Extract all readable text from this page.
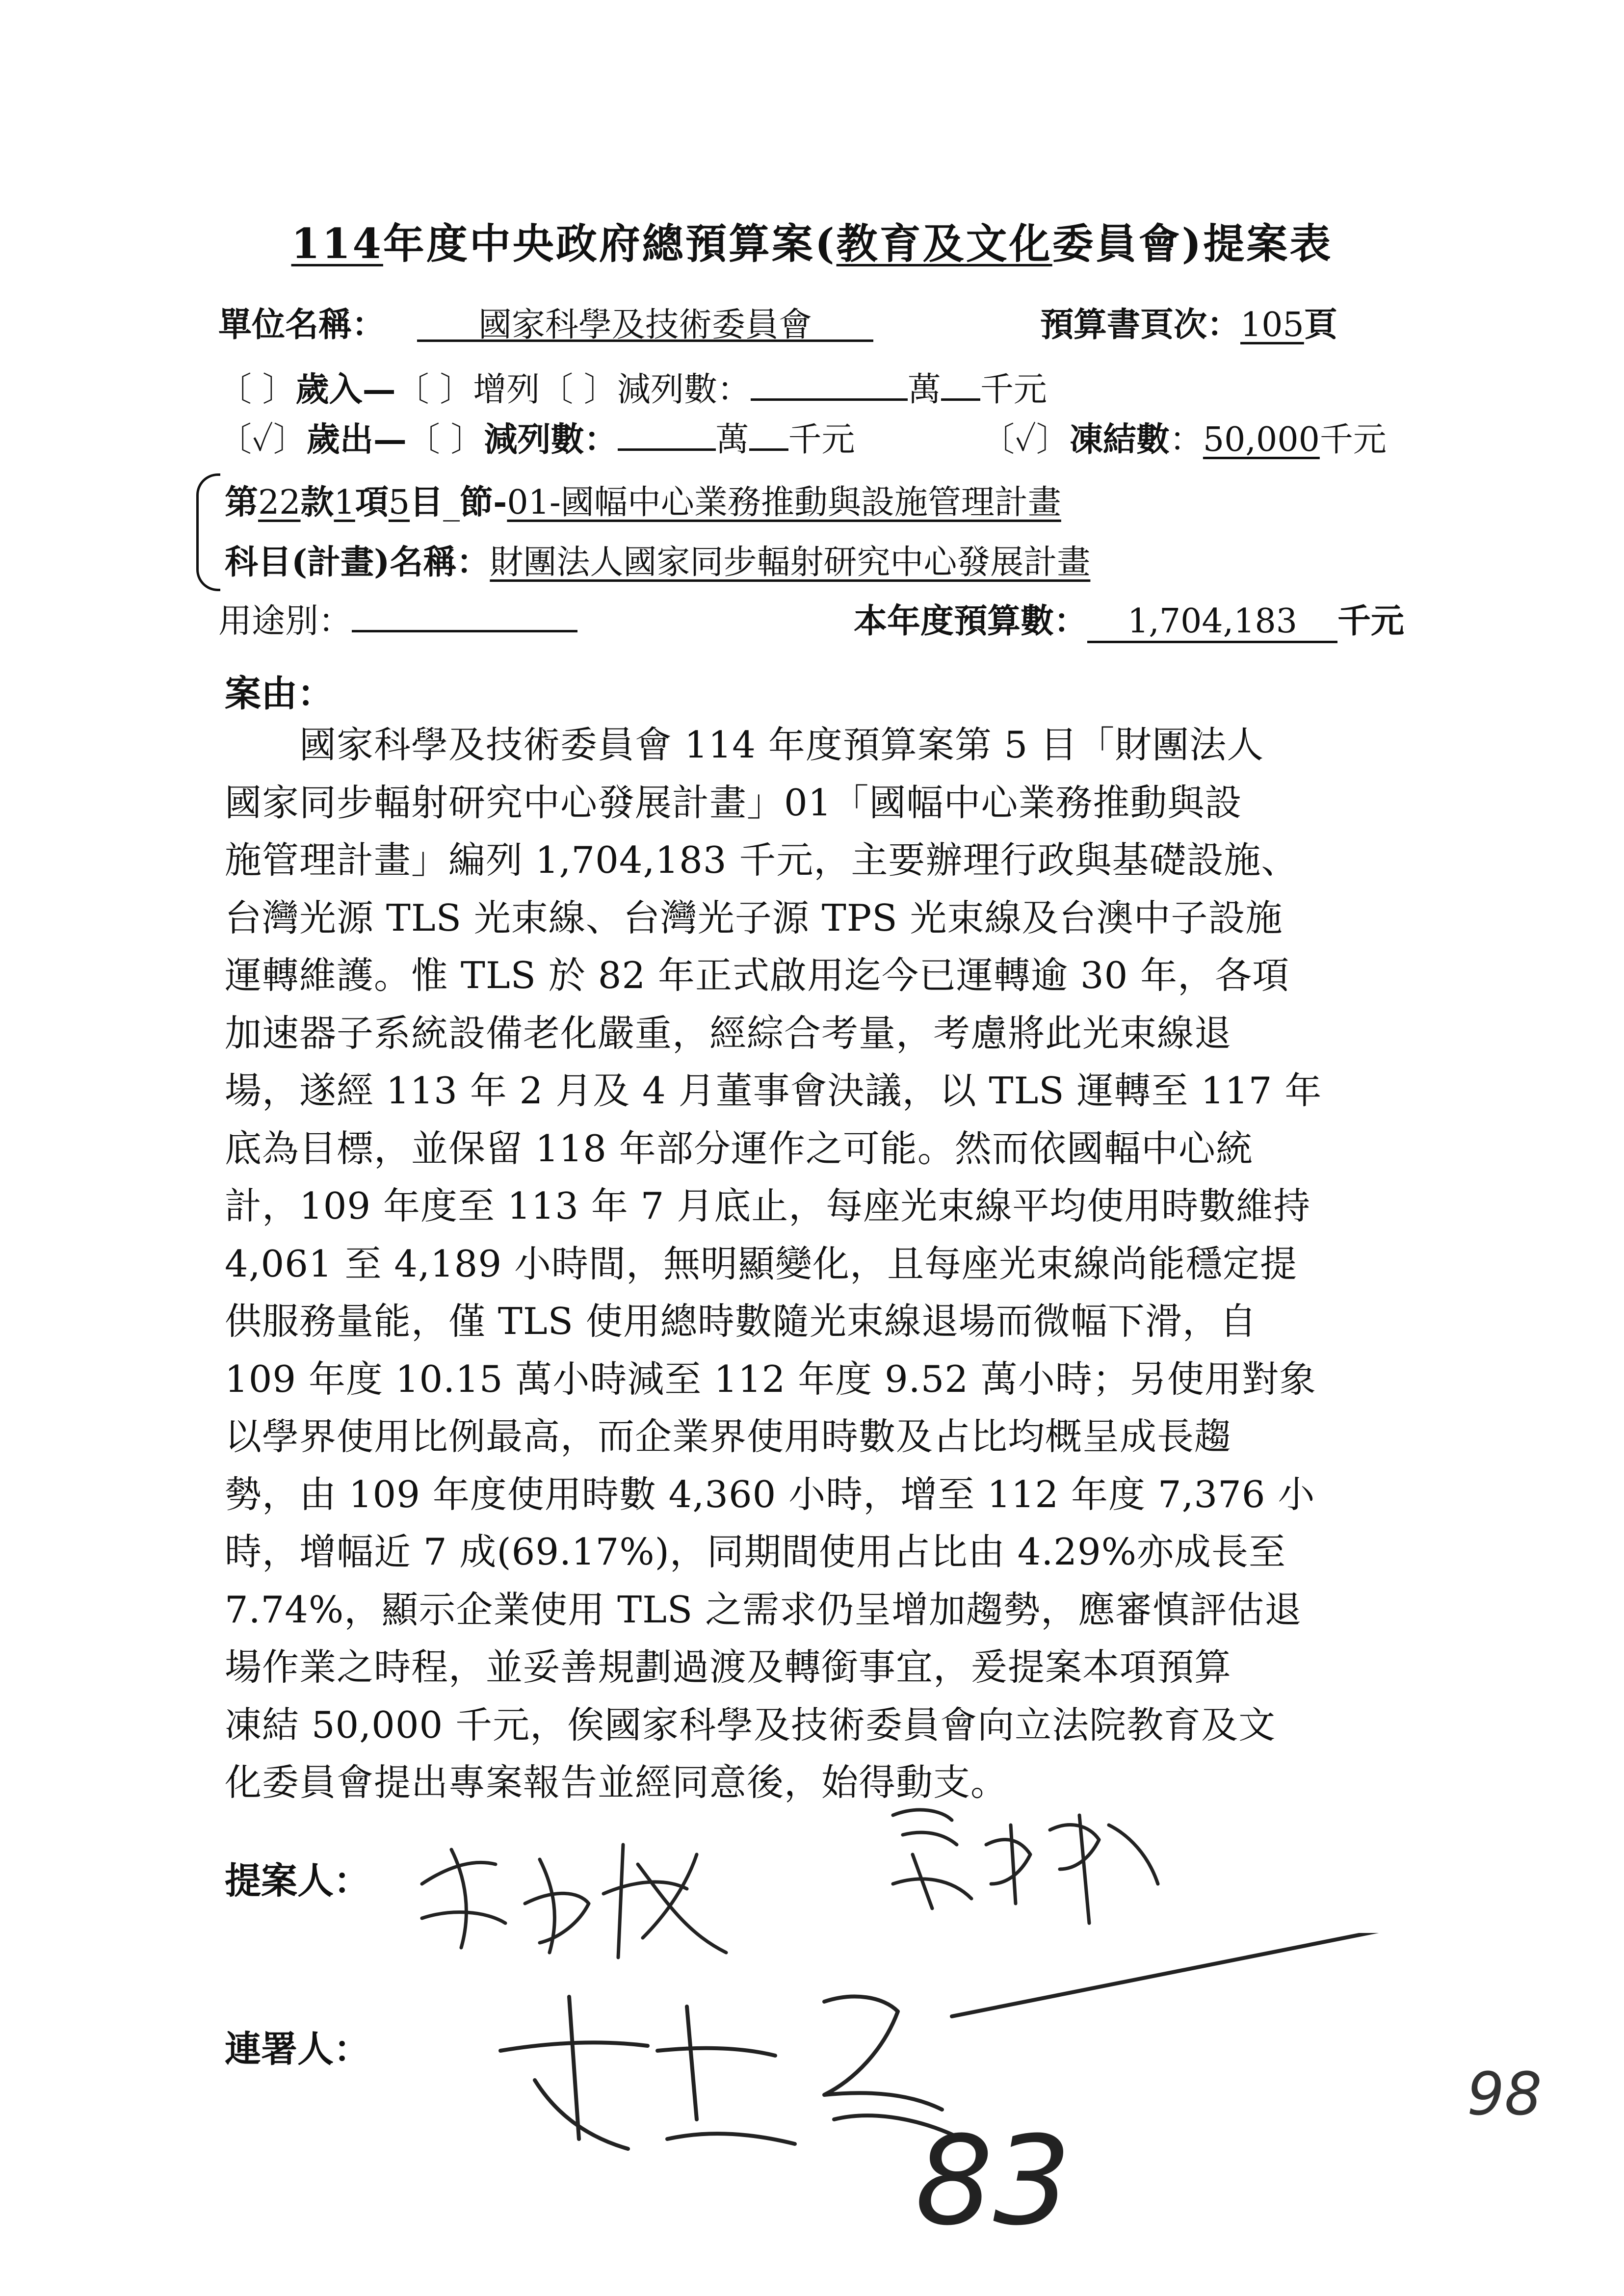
114年度中央政府總預算案(教育及文化委員會)提案表
單位名稱：	國家科學及技術委員會	預算書頁次：105頁
〔 〕歲入—〔 〕增列〔 〕減列數：	萬 千元
〔✓〕歲出—〔 〕減列數：	萬 千元	〔✓〕凍結數：50,000千元
第22款1項5目_節-01-國幅中心業務推動與設施管理計畫
科目(計畫)名稱：財團法人國家同步輻射研究中心發展計畫
用途別：	本年度預算數： 1,704,183 千元
案由：
　　國家科學及技術委員會 114 年度預算案第 5 目「財團法人
國家同步輻射研究中心發展計畫」01「國幅中心業務推動與設
施管理計畫」編列 1,704,183 千元，主要辦理行政與基礎設施、
台灣光源 TLS 光束線、台灣光子源 TPS 光束線及台澳中子設施
運轉維護。惟 TLS 於 82 年正式啟用迄今已運轉逾 30 年，各項
加速器子系統設備老化嚴重，經綜合考量，考慮將此光束線退
場，遂經 113 年 2 月及 4 月董事會決議，以 TLS 運轉至 117 年
底為目標，並保留 118 年部分運作之可能。然而依國輻中心統
計，109 年度至 113 年 7 月底止，每座光束線平均使用時數維持
4,061 至 4,189 小時間，無明顯變化，且每座光束線尚能穩定提
供服務量能，僅 TLS 使用總時數隨光束線退場而微幅下滑，自
109 年度 10.15 萬小時減至 112 年度 9.52 萬小時；另使用對象
以學界使用比例最高，而企業界使用時數及占比均概呈成長趨
勢，由 109 年度使用時數 4,360 小時，增至 112 年度 7,376 小
時，增幅近 7 成(69.17%)，同期間使用占比由 4.29%亦成長至
7.74%，顯示企業使用 TLS 之需求仍呈增加趨勢，應審慎評估退
場作業之時程，並妥善規劃過渡及轉銜事宜，爰提案本項預算
凍結 50,000 千元，俟國家科學及技術委員會向立法院教育及文
化委員會提出專案報告並經同意後，始得動支。
提案人：
連署人：
83
98
